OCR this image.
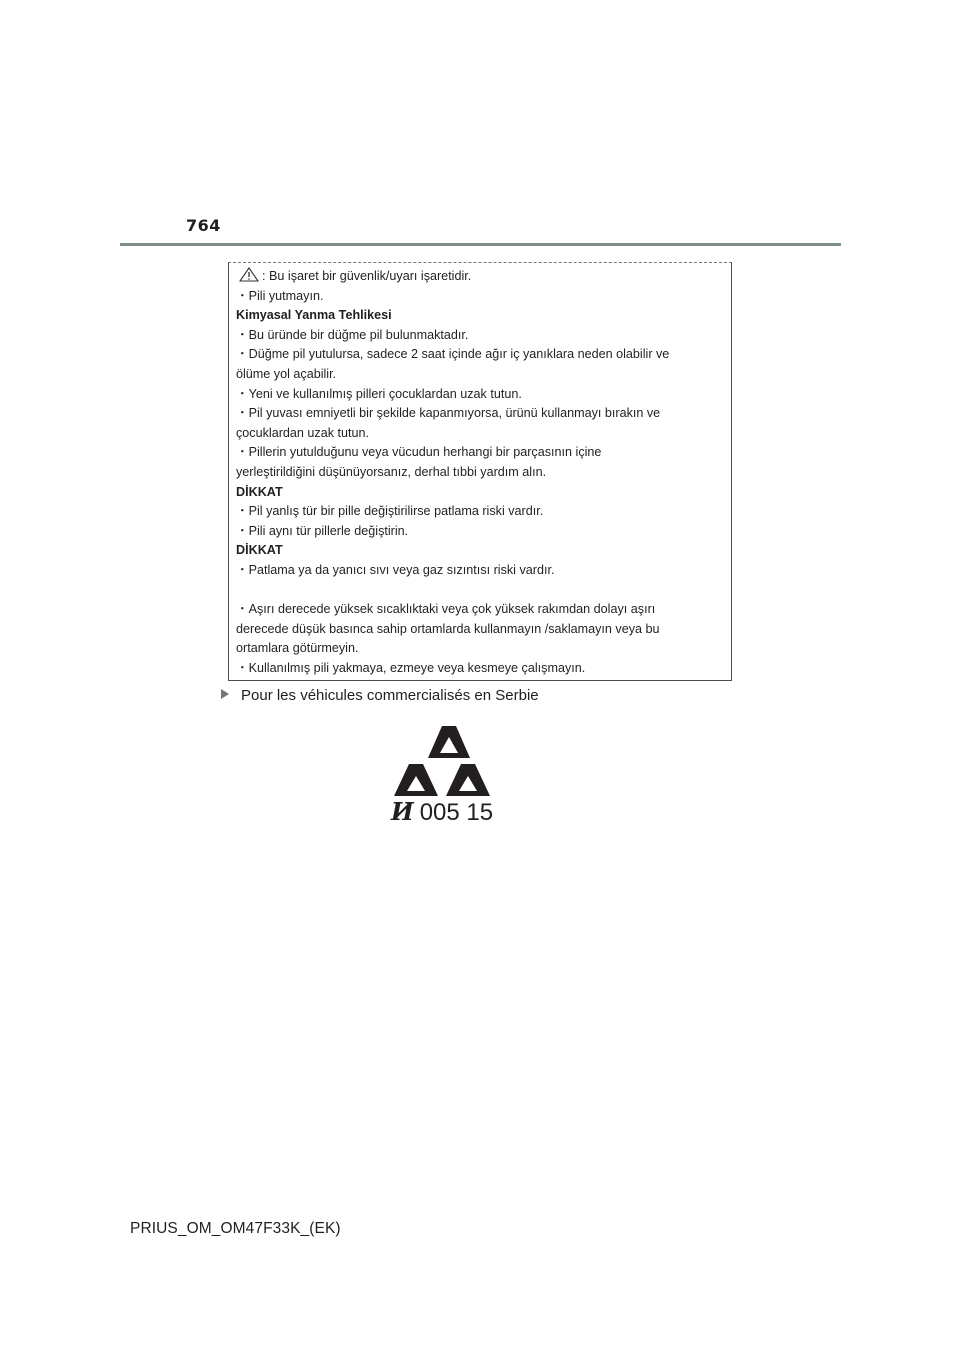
764
: Bu işaret bir güvenlik/uyarı işaretidir.
・Pili yutmayın.
Kimyasal Yanma Tehlikesi
・Bu üründe bir düğme pil bulunmaktadır.
・Düğme pil yutulursa, sadece 2 saat içinde ağır iç yanıklara neden olabilir ve
ölüme yol açabilir.
・Yeni ve kullanılmış pilleri çocuklardan uzak tutun.
・Pil yuvası emniyetli bir şekilde kapanmıyorsa, ürünü kullanmayı bırakın ve
çocuklardan uzak tutun.
・Pillerin yutulduğunu veya vücudun herhangi bir parçasının içine
yerleştirildiğini düşünüyorsanız, derhal tıbbi yardım alın.
DİKKAT
・Pil yanlış tür bir pille değiştirilirse patlama riski vardır.
・Pili aynı tür pillerle değiştirin.
DİKKAT
・Patlama ya da yanıcı sıvı veya gaz sızıntısı riski vardır.
・Aşırı derecede yüksek sıcaklıktaki veya çok yüksek rakımdan dolayı aşırı
derecede düşük basınca sahip ortamlarda kullanmayın /saklamayın veya bu
ortamlara götürmeyin.
・Kullanılmış pili yakmaya, ezmeye veya kesmeye çalışmayın.
Pour les véhicules commercialisés en Serbie
И 005 15
PRIUS_OM_OM47F33K_(EK)
